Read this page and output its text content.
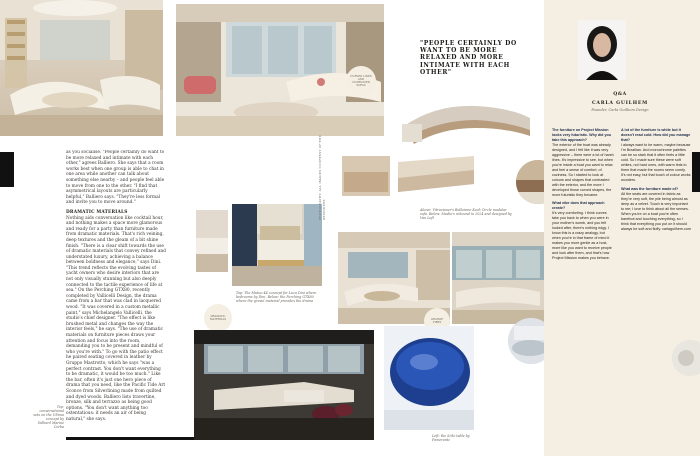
as you socialise. "People certainly do want to be more relaxed and intimate with each other," agrees Balliero. She says that a room works best when one group is able to chat in one area while another can talk about something else nearby – and people feel able to move from one to the other. "I find that asymmetrical layouts are particularly helpful," Balliero says. "They're less formal and invite you to move around."
DRAMATIC MATERIALS
Nothing aids conversation like cocktail hour, and nothing makes a space more glamorous and ready for a party than furniture made from dramatic materials. That's rich veining, deep textures and the gleam of a bit shine finish. "There is a clear shift towards the use of dramatic materials that convey refined and understated luxury, achieving a balance between boldness and elegance," says Dini. "This trend reflects the evolving tastes of yacht owners who desire interiors that are not only visually stunning but also deeply connected to the tactile experience of life at sea." On the Perching GTX80, recently completed by Vallicelli Design, the drama came from a bar that was clad in lacquered wood. "It was covered in a custom metallic paint," says Michelangelo Vallicelli, the studio's chief designer. "The effect is like brushed metal and changes the way the interior feels," he says. "The use of dramatic materials on furniture pieces draws your attention and focus into the room, demanding you to be present and mindful of who you're with." To go with the patio effect he paired seating covered in leather by Gruppo Mastrotto, which he says "was a perfect contrast. You don't want everything to be dramatic, it would be too much." Like the bar, often it's just one hero piece of drama that you need, like the Pacific Tide Art Sconce from Silverlining made from quilted and dyed woods. Balliero lists travertine, bronze, silk and terrazzo as being good options. "You don't want anything too ostentatious: it needs an air of being natural," she says.
Top: conversational sets on the Ultima concept by Sidhard Marine Corba
CURVED LINES AND CUSHIONED SOFAS
Top: The Mutuo 44 concept for Luca Dini where bedrooms by Dini. Below: the Perching GTX80 where the gravel material provides the drama
DRAMATIC MATERIALS
"PEOPLE CERTAINLY DO WANT TO BE MORE RELAXED AND MORE INTIMATE WITH EACH OTHER"
Above: Vitruvianer's Belleisme Koch Circle modular sofa. Below: Studio's rebound in 2024 and designed by Van Loft
PHOTOGRAPHY: ALL IMAGES COURTESY OF THE DESIGNERS
GRANDE VIBES
Left: the Sirlo table by Pomerantz
Q&A
CARLA GUILHEM
Founder, Carla Guilhem Design
The furniture on Project Mission looks very futuristic. Why did you take this approach?
The exterior of the boat was already designed, and I felt like it was very aggressive – there were a lot of harsh lines. It's impressive to see, but when you're inside a boat you want to relax and feel a sense of comfort, of coziness. So I started to look at colours and shapes that contrasted with the exterior, and the more I developed those curved shapes, the more futuristic they became.
What vibe does that approach create?
It's very comforting. I think curves take you back to when you were in your mother's womb, and you felt looked after, there's nothing edgy. I know this is a crazy analogy, but when you're in that frame of mind it makes you more gentle as a host, more like you want to receive people and look after them, and that's how Project Mission makes you behave.
A lot of the furniture is white but it doesn't read cold. How did you manage that?
I always want to be warm, maybe because I'm Brazilian. And monochrome palettes can be so stark that it often feels a little cold. So I made sure these were soft whites, not hard ones, with warm tints to them that made the rooms seem comfy. It's not easy, but that touch of colour works wonders.
What was the furniture made of?
All the seats are covered in fabric as they're very soft, the pile being almost as deep as a velvet. Touch is very important to me; I love to think about all the senses. When you're on a boat you're often barefoot and touching everything, so I think that everything you put on it should always be soft and fluffy. carlaguilhem.com
